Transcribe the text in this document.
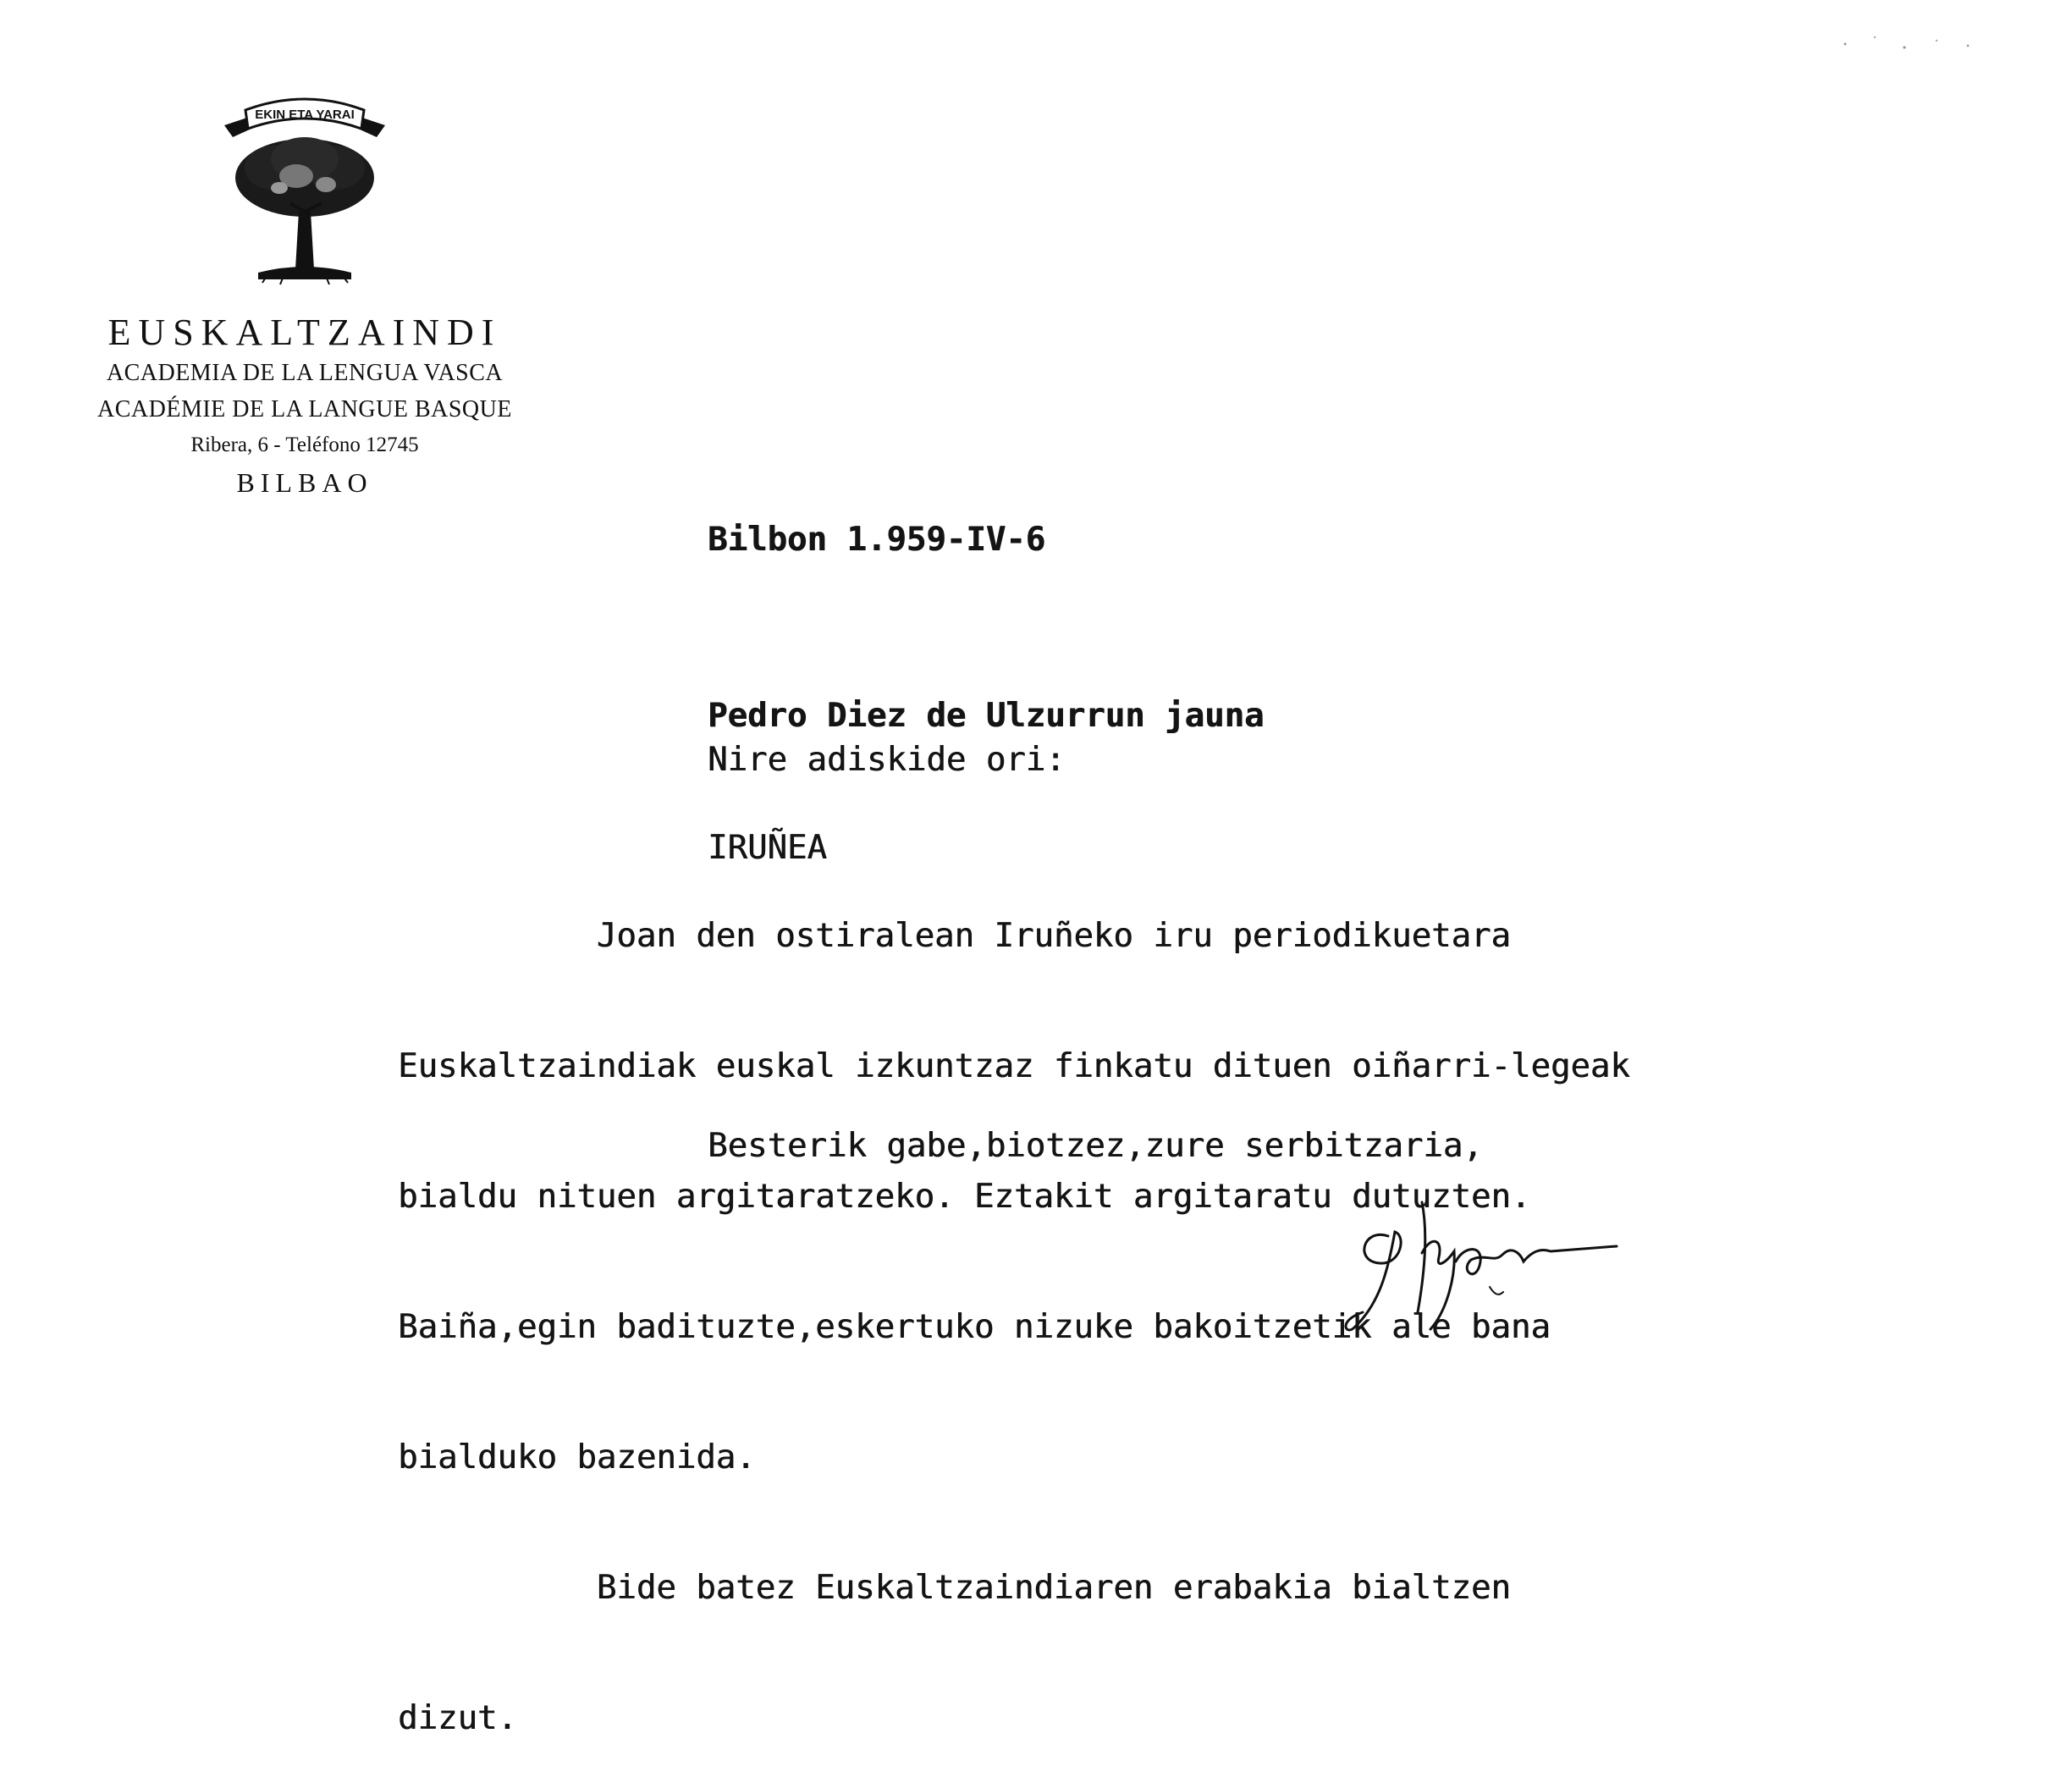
EKIN ETA YARAI
EUSKALTZAINDI
ACADEMIA DE LA LENGUA VASCA
ACADÉMIE DE LA LANGUE BASQUE
Ribera, 6 - Teléfono 12745
BILBAO
Bilbon 1.959-IV-6

Pedro Diez de Ulzurrun jauna

IRUÑEA

Nire adiskide ori:

Joan den ostiralean Iruñeko iru periodikuetara

Euskaltzaindiak euskal izkuntzaz finkatu dituen oiñarri-legeak

bialdu nituen argitaratzeko. Eztakit argitaratu dutuzten.

Baiña,egin badituzte,eskertuko nizuke bakoitzetik ale bana

bialduko bazenida.

Bide batez Euskaltzaindiaren erabakia bialtzen

dizut.

Besterik gabe,biotzez,zure serbitzaria,
